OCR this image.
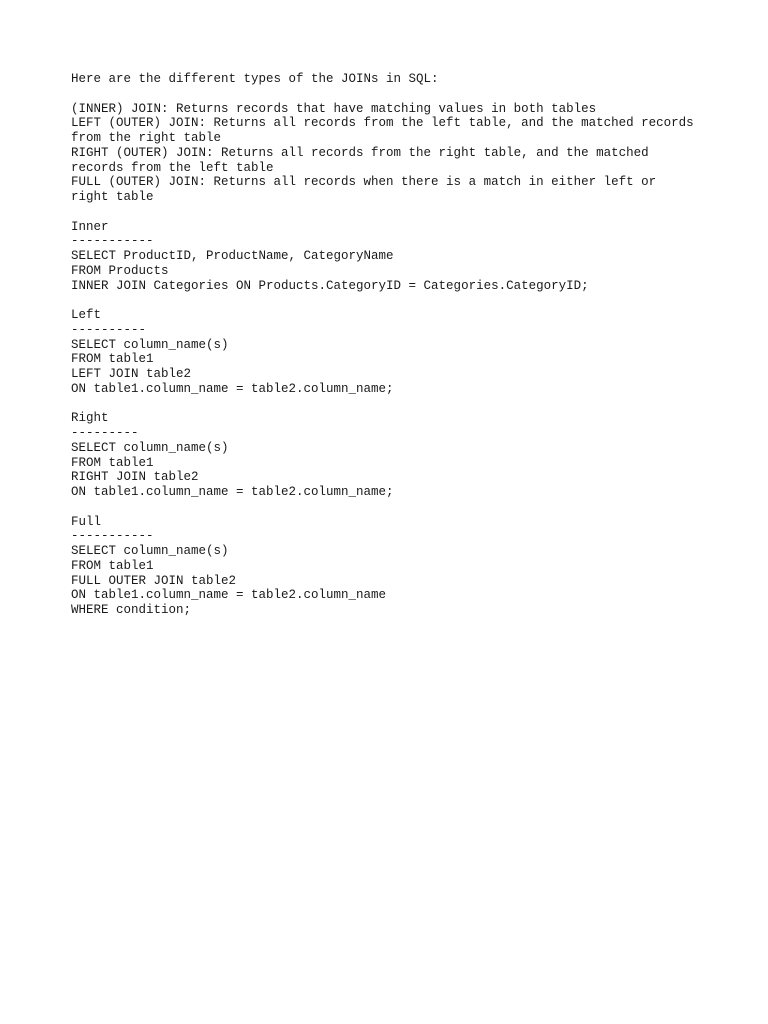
Here are the different types of the JOINs in SQL:
(INNER) JOIN: Returns records that have matching values in both tables
LEFT (OUTER) JOIN: Returns all records from the left table, and the matched records
from the right table
RIGHT (OUTER) JOIN: Returns all records from the right table, and the matched
records from the left table
FULL (OUTER) JOIN: Returns all records when there is a match in either left or
right table
Inner
-----------
SELECT ProductID, ProductName, CategoryName
FROM Products
INNER JOIN Categories ON Products.CategoryID = Categories.CategoryID;
Left
----------
SELECT column_name(s)
FROM table1
LEFT JOIN table2
ON table1.column_name = table2.column_name;
Right
---------
SELECT column_name(s)
FROM table1
RIGHT JOIN table2
ON table1.column_name = table2.column_name;
Full
-----------
SELECT column_name(s)
FROM table1
FULL OUTER JOIN table2
ON table1.column_name = table2.column_name
WHERE condition;
